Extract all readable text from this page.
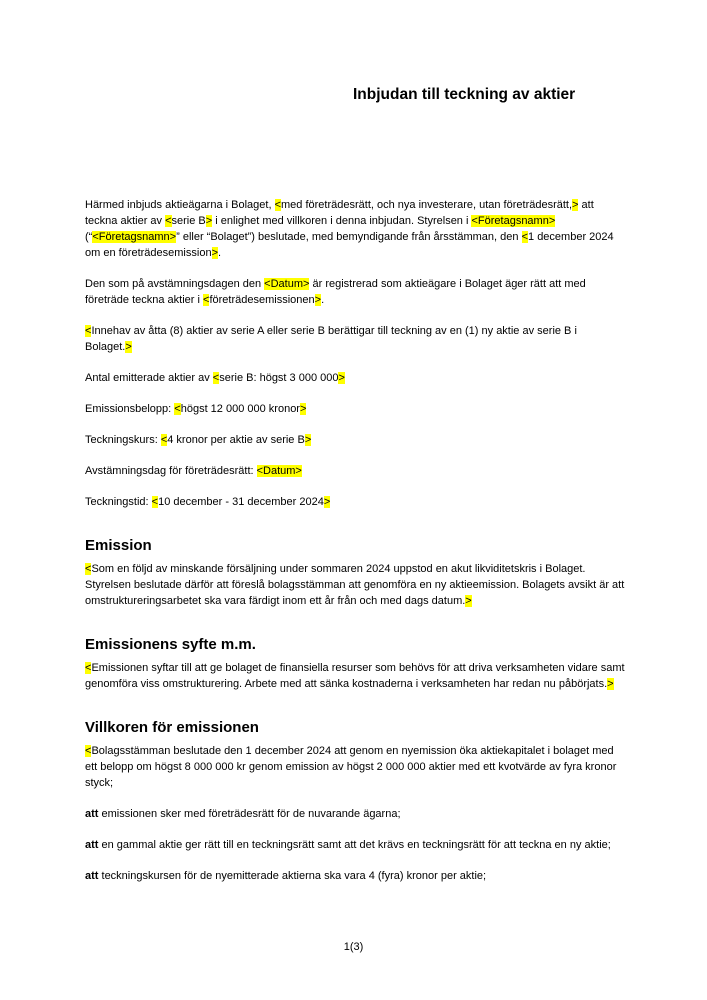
Inbjudan till teckning av aktier

Härmed inbjuds aktieägarna i Bolaget, <med företrädesrätt, och nya investerare, utan företrädesrätt,> att teckna aktier av <serie B> i enlighet med villkoren i denna inbjudan. Styrelsen i <Företagsnamn> (“<Företagsnamn>” eller “Bolaget”) beslutade, med bemyndigande från årsstämman, den <1 december 2024 om en företrädesemission>.

Den som på avstämningsdagen den <Datum> är registrerad som aktieägare i Bolaget äger rätt att med företräde teckna aktier i <företrädesemissionen>.

<Innehav av åtta (8) aktier av serie A eller serie B berättigar till teckning av en (1) ny aktie av serie B i Bolaget.>

Antal emitterade aktier av <serie B: högst 3 000 000>

Emissionsbelopp: <högst 12 000 000 kronor>

Teckningskurs: <4 kronor per aktie av serie B>

Avstämningsdag för företrädesrätt: <Datum>

Teckningstid: <10 december - 31 december 2024>

Emission

<Som en följd av minskande försäljning under sommaren 2024 uppstod en akut likviditetskris i Bolaget. Styrelsen beslutade därför att föreslå bolagsstämman att genomföra en ny aktieemission. Bolagets avsikt är att omstruktureringsarbetet ska vara färdigt inom ett år från och med dags datum.>

Emissionens syfte m.m.

<Emissionen syftar till att ge bolaget de finansiella resurser som behövs för att driva verksamheten vidare samt genomföra viss omstrukturering. Arbete med att sänka kostnaderna i verksamheten har redan nu påbörjats.>

Villkoren för emissionen

<Bolagsstämman beslutade den 1 december 2024 att genom en nyemission öka aktiekapitalet i bolaget med ett belopp om högst 8 000 000 kr genom emission av högst 2 000 000 aktier med ett kvotvärde av fyra kronor styck;

att emissionen sker med företrädesrätt för de nuvarande ägarna;

att en gammal aktie ger rätt till en teckningsrätt samt att det krävs en teckningsrätt för att teckna en ny aktie;

att teckningskursen för de nyemitterade aktierna ska vara 4 (fyra) kronor per aktie;

1(3)
